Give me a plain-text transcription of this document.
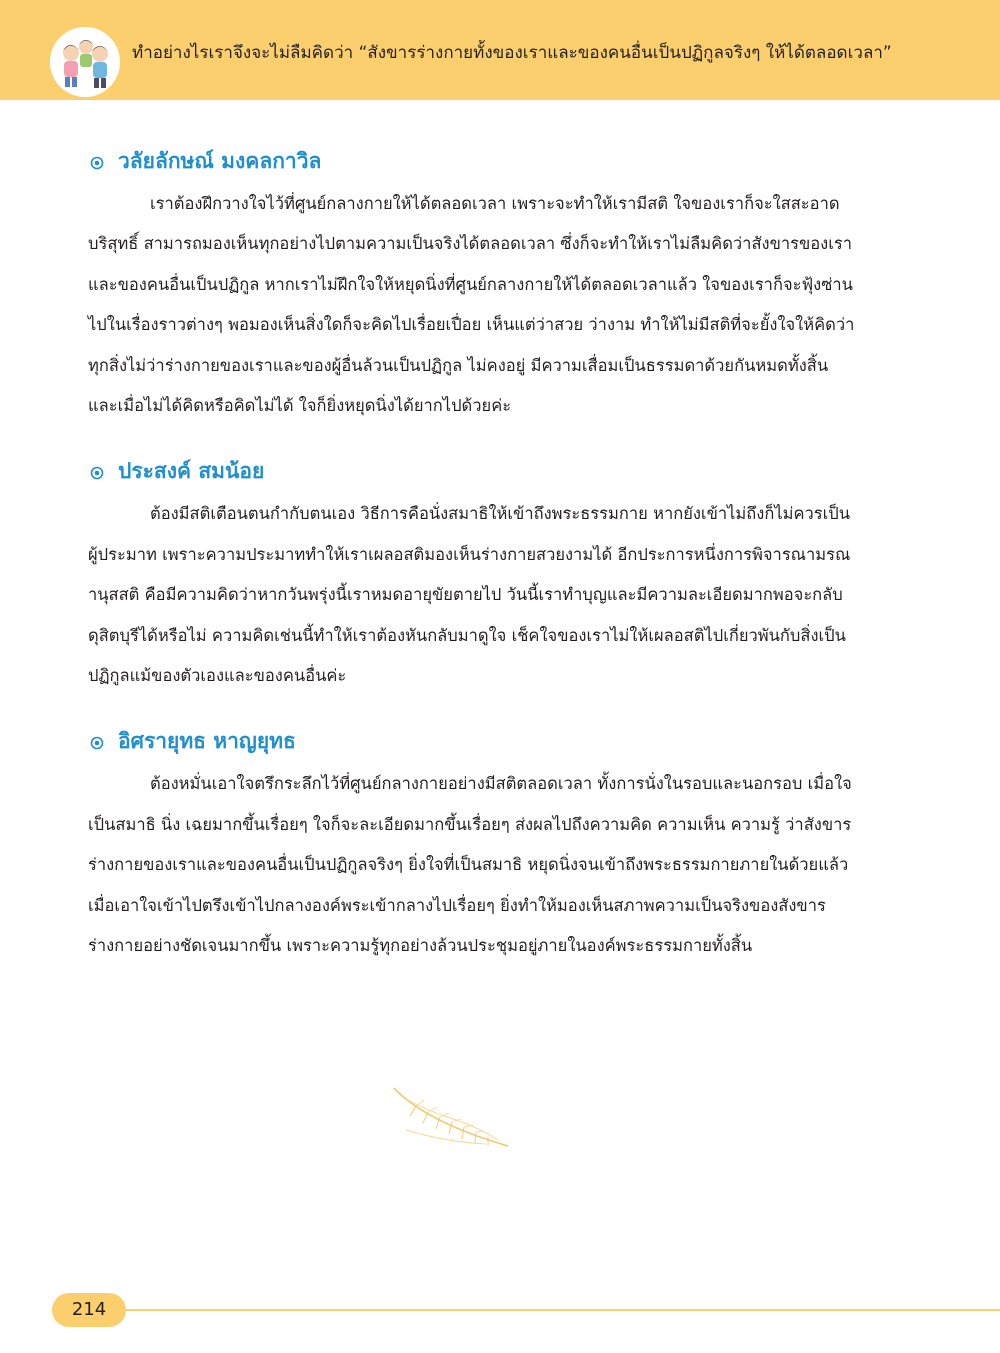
ทำอย่างไรเราจึงจะไม่ลืมคิดว่า “สังขารร่างกายทั้งของเราและของคนอื่นเป็นปฏิกูลจริงๆ ให้ได้ตลอดเวลา”
วลัยลักษณ์ มงคลกาวิล

เราต้องฝึกวางใจไว้ที่ศูนย์กลางกายให้ได้ตลอดเวลา เพราะจะทำให้เรามีสติ ใจของเราก็จะใสสะอาดบริสุทธิ์ สามารถมองเห็นทุกอย่างไปตามความเป็นจริงได้ตลอดเวลา ซึ่งก็จะทำให้เราไม่ลืมคิดว่าสังขารของเราและของคนอื่นเป็นปฏิกูล หากเราไม่ฝึกใจให้หยุดนิ่งที่ศูนย์กลางกายให้ได้ตลอดเวลาแล้ว ใจของเราก็จะฟุ้งซ่านไปในเรื่องราวต่างๆ พอมองเห็นสิ่งใดก็จะคิดไปเรื่อยเปื่อย เห็นแต่ว่าสวย ว่างาม ทำให้ไม่มีสติที่จะยั้งใจให้คิดว่าทุกสิ่งไม่ว่าร่างกายของเราและของผู้อื่นล้วนเป็นปฏิกูล ไม่คงอยู่ มีความเสื่อมเป็นธรรมดาด้วยกันหมดทั้งสิ้น และเมื่อไม่ได้คิดหรือคิดไม่ได้ ใจก็ยิ่งหยุดนิ่งได้ยากไปด้วยค่ะ

ประสงค์ สมน้อย

ต้องมีสติเตือนตนกำกับตนเอง วิธีการคือนั่งสมาธิให้เข้าถึงพระธรรมกาย หากยังเข้าไม่ถึงก็ไม่ควรเป็นผู้ประมาท เพราะความประมาททำให้เราเผลอสติมองเห็นร่างกายสวยงามได้ อีกประการหนึ่งการพิจารณามรณานุสสติ คือมีความคิดว่าหากวันพรุ่งนี้เราหมดอายุขัยตายไป วันนี้เราทำบุญและมีความละเอียดมากพอจะกลับดุสิตบุรีได้หรือไม่ ความคิดเช่นนี้ทำให้เราต้องหันกลับมาดูใจ เช็คใจของเราไม่ให้เผลอสติไปเกี่ยวพันกับสิ่งเป็นปฏิกูลแม้ของตัวเองและของคนอื่นค่ะ

อิศรายุทธ หาญยุทธ

ต้องหมั่นเอาใจตรึกระลึกไว้ที่ศูนย์กลางกายอย่างมีสติตลอดเวลา ทั้งการนั่งในรอบและนอกรอบ เมื่อใจเป็นสมาธิ นิ่ง เฉยมากขึ้นเรื่อยๆ ใจก็จะละเอียดมากขึ้นเรื่อยๆ ส่งผลไปถึงความคิด ความเห็น ความรู้ ว่าสังขารร่างกายของเราและของคนอื่นเป็นปฏิกูลจริงๆ ยิ่งใจที่เป็นสมาธิ หยุดนิ่งจนเข้าถึงพระธรรมกายภายในด้วยแล้ว เมื่อเอาใจเข้าไปตรึงเข้าไปกลางองค์พระเข้ากลางไปเรื่อยๆ ยิ่งทำให้มองเห็นสภาพความเป็นจริงของสังขารร่างกายอย่างชัดเจนมากขึ้น เพราะความรู้ทุกอย่างล้วนประชุมอยู่ภายในองค์พระธรรมกายทั้งสิ้น

214
